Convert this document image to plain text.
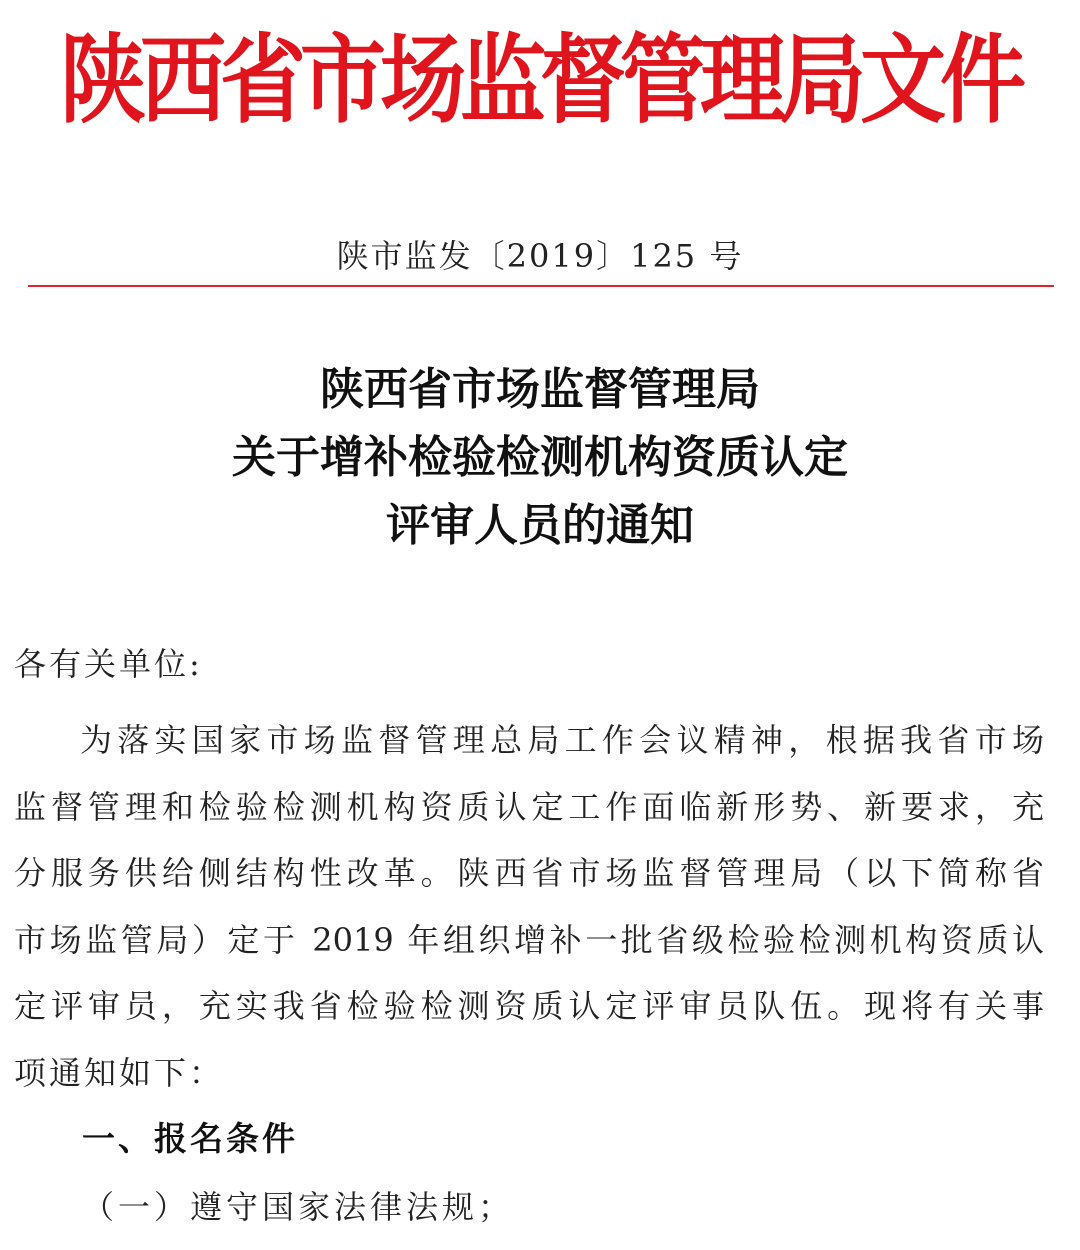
陕西省市场监督管理局文件
陕市监发〔2019〕125 号
陕西省市场监督管理局
关于增补检验检测机构资质认定
评审人员的通知
各有关单位:
为落实国家市场监督管理总局工作会议精神，根据我省市场
监督管理和检验检测机构资质认定工作面临新形势、新要求，充
分服务供给侧结构性改革。陕西省市场监督管理局（以下简称省
市场监管局）定于 2019 年组织增补一批省级检验检测机构资质认
定评审员，充实我省检验检测资质认定评审员队伍。现将有关事
项通知如下：
一、报名条件
（一）遵守国家法律法规；
